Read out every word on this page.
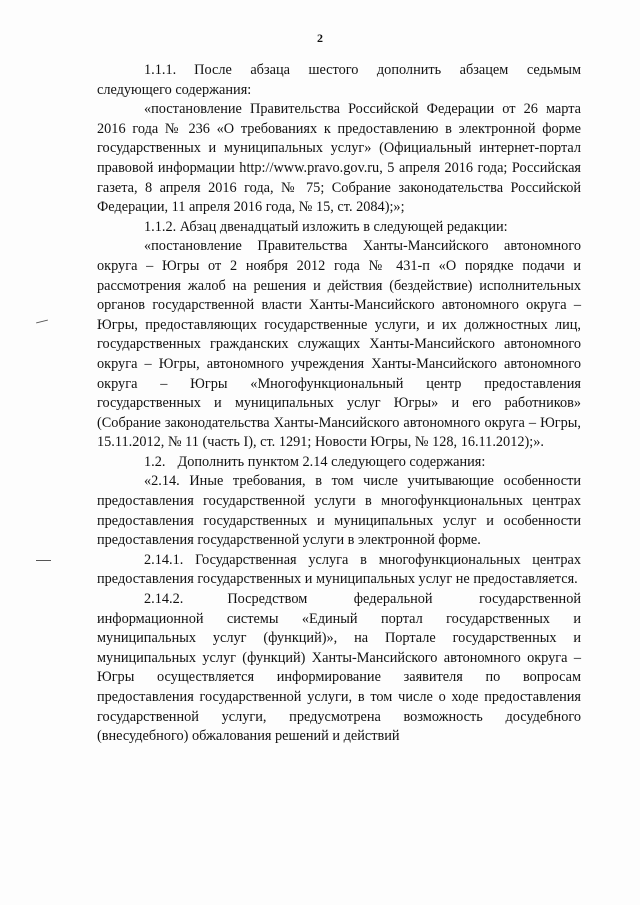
2

1.1.1. После абзаца шестого дополнить абзацем седьмым следующего содержания:

«постановление Правительства Российской Федерации от 26 марта 2016 года № 236 «О требованиях к предоставлению в электронной форме государственных и муниципальных услуг» (Официальный интернет-портал правовой информации http://www.pravo.gov.ru, 5 апреля 2016 года; Российская газета, 8 апреля 2016 года, № 75; Собрание законодательства Российской Федерации, 11 апреля 2016 года, № 15, ст. 2084);»;

1.1.2. Абзац двенадцатый изложить в следующей редакции:

«постановление Правительства Ханты-Мансийского автономного округа – Югры от 2 ноября 2012 года № 431-п «О порядке подачи и рассмотрения жалоб на решения и действия (бездействие) исполнительных органов государственной власти Ханты-Мансийского автономного округа – Югры, предоставляющих государственные услуги, и их должностных лиц, государственных гражданских служащих Ханты-Мансийского автономного округа – Югры, автономного учреждения Ханты-Мансийского автономного округа – Югры «Многофункциональный центр предоставления государственных и муниципальных услуг Югры» и его работников» (Собрание законодательства Ханты-Мансийского автономного округа – Югры, 15.11.2012, № 11 (часть I), ст. 1291; Новости Югры, № 128, 16.11.2012);».

1.2. Дополнить пунктом 2.14 следующего содержания:

«2.14. Иные требования, в том числе учитывающие особенности предоставления государственной услуги в многофункциональных центрах предоставления государственных и муниципальных услуг и особенности предоставления государственной услуги в электронной форме.

2.14.1. Государственная услуга в многофункциональных центрах предоставления государственных и муниципальных услуг не предоставляется.

2.14.2.	Посредством федеральной государственной информационной системы «Единый портал государственных и муниципальных услуг (функций)», на Портале государственных и муниципальных услуг (функций) Ханты-Мансийского автономного округа – Югры осуществляется информирование заявителя по вопросам предоставления государственной услуги, в том числе о ходе предоставления государственной услуги, предусмотрена возможность досудебного (внесудебного) обжалования решений и действий
